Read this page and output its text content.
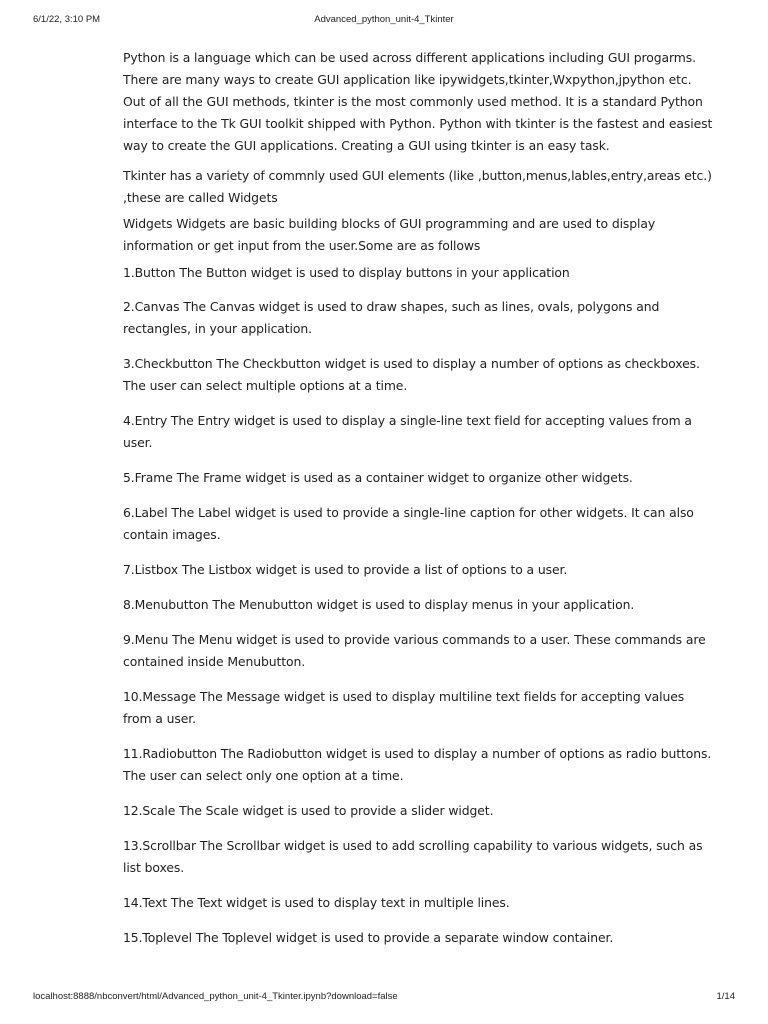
6/1/22, 3:10 PM	Advanced_python_unit-4_Tkinter

Python is a language which can be used across different applications including GUI progarms. There are many ways to create GUI application like ipywidgets,tkinter,Wxpython,jpython etc. Out of all the GUI methods, tkinter is the most commonly used method. It is a standard Python interface to the Tk GUI toolkit shipped with Python. Python with tkinter is the fastest and easiest way to create the GUI applications. Creating a GUI using tkinter is an easy task.

Tkinter has a variety of commnly used GUI elements (like ,button,menus,lables,entry,areas etc.) ,these are called Widgets

Widgets Widgets are basic building blocks of GUI programming and are used to display information or get input from the user.Some are as follows

1.Button The Button widget is used to display buttons in your application

2.Canvas The Canvas widget is used to draw shapes, such as lines, ovals, polygons and rectangles, in your application.

3.Checkbutton The Checkbutton widget is used to display a number of options as checkboxes. The user can select multiple options at a time.

4.Entry The Entry widget is used to display a single-line text field for accepting values from a user.

5.Frame The Frame widget is used as a container widget to organize other widgets.

6.Label The Label widget is used to provide a single-line caption for other widgets. It can also contain images.

7.Listbox The Listbox widget is used to provide a list of options to a user.

8.Menubutton The Menubutton widget is used to display menus in your application.

9.Menu The Menu widget is used to provide various commands to a user. These commands are contained inside Menubutton.

10.Message The Message widget is used to display multiline text fields for accepting values from a user.

11.Radiobutton The Radiobutton widget is used to display a number of options as radio buttons. The user can select only one option at a time.

12.Scale The Scale widget is used to provide a slider widget.

13.Scrollbar The Scrollbar widget is used to add scrolling capability to various widgets, such as list boxes.

14.Text The Text widget is used to display text in multiple lines.

15.Toplevel The Toplevel widget is used to provide a separate window container.

localhost:8888/nbconvert/html/Advanced_python_unit-4_Tkinter.ipynb?download=false	1/14
